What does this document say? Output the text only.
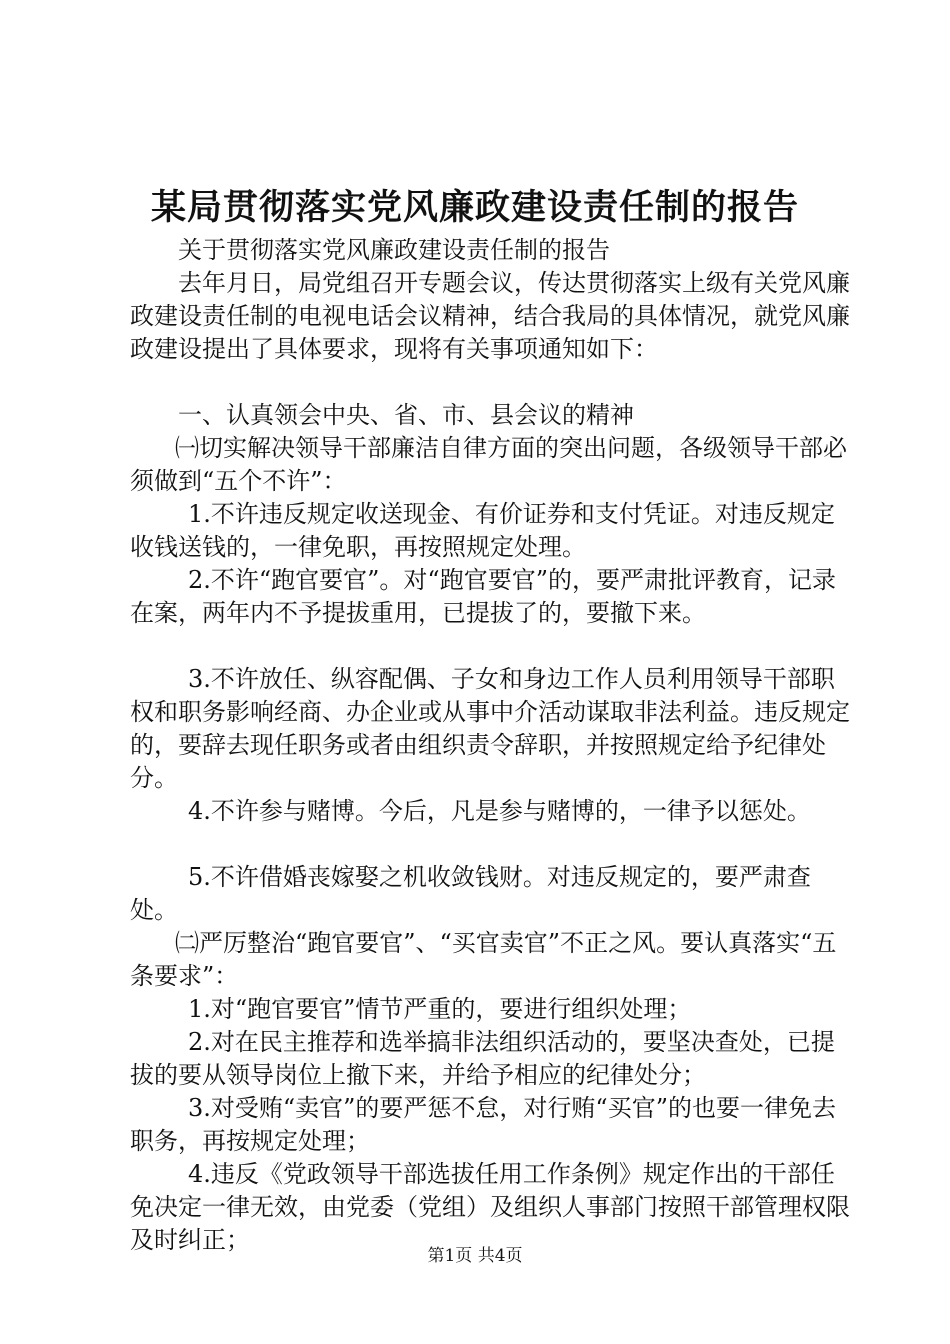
某局贯彻落实党风廉政建设责任制的报告

关于贯彻落实党风廉政建设责任制的报告

去年月日，局党组召开专题会议，传达贯彻落实上级有关党风廉政建设责任制的电视电话会议精神，结合我局的具体情况，就党风廉政建设提出了具体要求，现将有关事项通知如下：

一、认真领会中央、省、市、县会议的精神

㈠切实解决领导干部廉洁自律方面的突出问题，各级领导干部必须做到“五个不许”：

1.不许违反规定收送现金、有价证券和支付凭证。对违反规定收钱送钱的，一律免职，再按照规定处理。

2.不许“跑官要官”。对“跑官要官”的，要严肃批评教育，记录在案，两年内不予提拔重用，已提拔了的，要撤下来。

3.不许放任、纵容配偶、子女和身边工作人员利用领导干部职权和职务影响经商、办企业或从事中介活动谋取非法利益。违反规定的，要辞去现任职务或者由组织责令辞职，并按照规定给予纪律处分。

4.不许参与赌博。今后，凡是参与赌博的，一律予以惩处。

5.不许借婚丧嫁娶之机收敛钱财。对违反规定的，要严肃查处。

㈡严厉整治“跑官要官”、“买官卖官”不正之风。要认真落实“五条要求”：

1.对“跑官要官”情节严重的，要进行组织处理；

2.对在民主推荐和选举搞非法组织活动的，要坚决查处，已提拔的要从领导岗位上撤下来，并给予相应的纪律处分；

3.对受贿“卖官”的要严惩不怠，对行贿“买官”的也要一律免去职务，再按规定处理；

4.违反《党政领导干部选拔任用工作条例》规定作出的干部任免决定一律无效，由党委（党组）及组织人事部门按照干部管理权限及时纠正；

第1页 共4页
